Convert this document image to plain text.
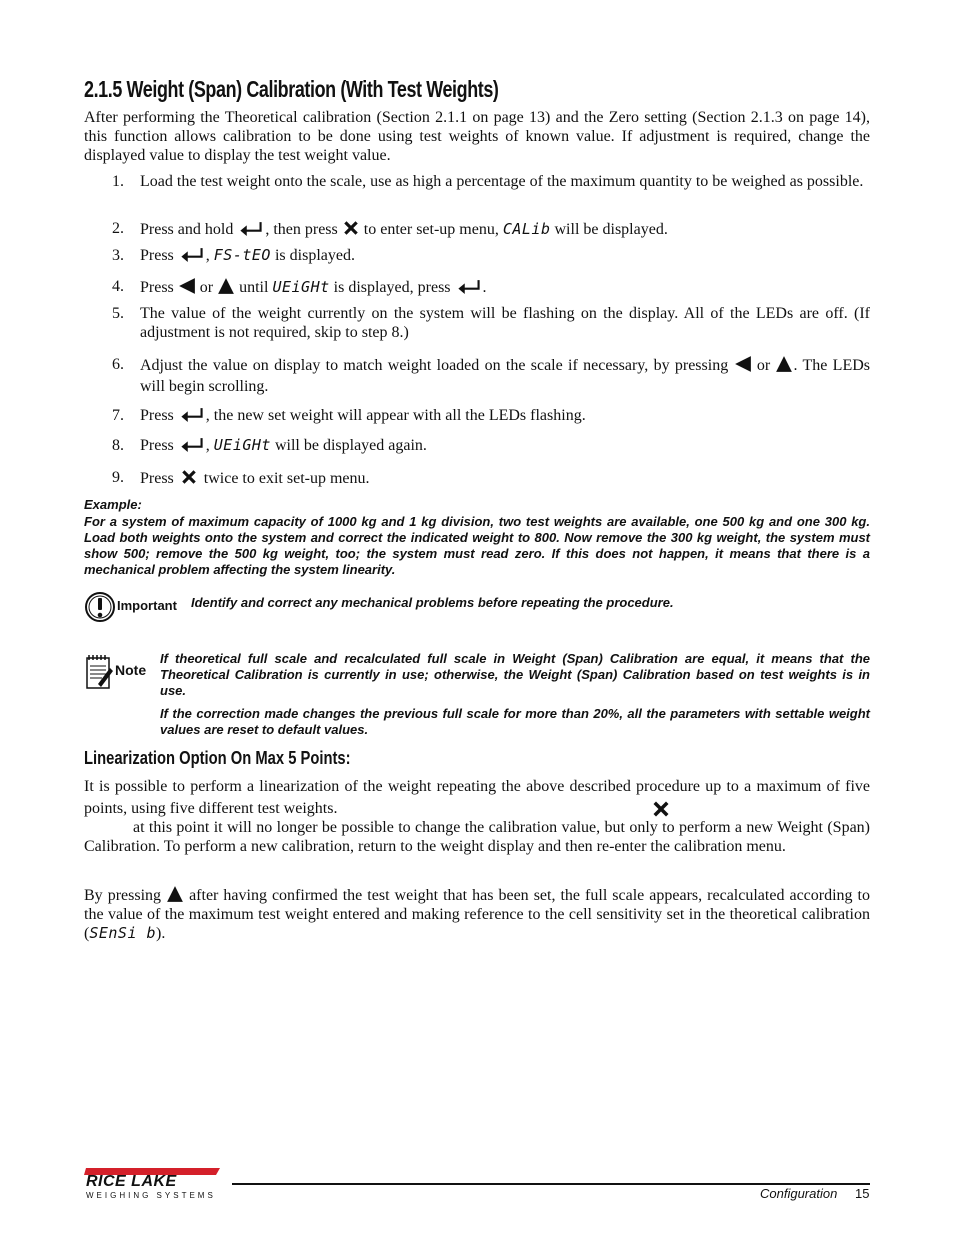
2.1.5 Weight (Span) Calibration (With Test Weights)

After performing the Theoretical calibration (Section 2.1.1 on page 13) and the Zero setting (Section 2.1.3 on page 14), this function allows calibration to be done using test weights of known value. If adjustment is required, change the displayed value to display the test weight value.

1. Load the test weight onto the scale, use as high a percentage of the maximum quantity to be weighed as possible.
2. Press and hold , then press  to enter set-up menu, CALib will be displayed.
3. Press , FS-tEO is displayed.
4. Press  or  until UEiGHt is displayed, press .
5. The value of the weight currently on the system will be flashing on the display. All of the LEDs are off. (If adjustment is not required, skip to step 8.)
6. Adjust the value on display to match weight loaded on the scale if necessary, by pressing  or . The LEDs will begin scrolling.
7. Press , the new set weight will appear with all the LEDs flashing.
8. Press , UEiGHt will be displayed again.
9. Press  twice to exit set-up menu.

Example:

For a system of maximum capacity of 1000 kg and 1 kg division, two test weights are available, one 500 kg and one 300 kg. Load both weights onto the system and correct the indicated weight to 800. Now remove the 300 kg weight, the system must show 500; remove the 500 kg weight, too; the system must read zero. If this does not happen, it means that there is a mechanical problem affecting the system linearity.

Important Identify and correct any mechanical problems before repeating the procedure.

Note

If theoretical full scale and recalculated full scale in Weight (Span) Calibration are equal, it means that the Theoretical Calibration is currently in use; otherwise, the Weight (Span) Calibration based on test weights is in use.

If the correction made changes the previous full scale for more than 20%, all the parameters with settable weight values are reset to default values.

Linearization Option On Max 5 Points:

It is possible to perform a linearization of the weight repeating the above described procedure up to a maximum of five points, using five different test weights.

at this point it will no longer be possible to change the calibration value, but only to perform a new Weight (Span) Calibration. To perform a new calibration, return to the weight display and then re-enter the calibration menu.

By pressing  after having confirmed the test weight that has been set, the full scale appears, recalculated according to the value of the maximum test weight entered and making reference to the cell sensitivity set in the theoretical calibration (SEnSi b).

RICE LAKE
WEIGHING SYSTEMS	Configuration 15
